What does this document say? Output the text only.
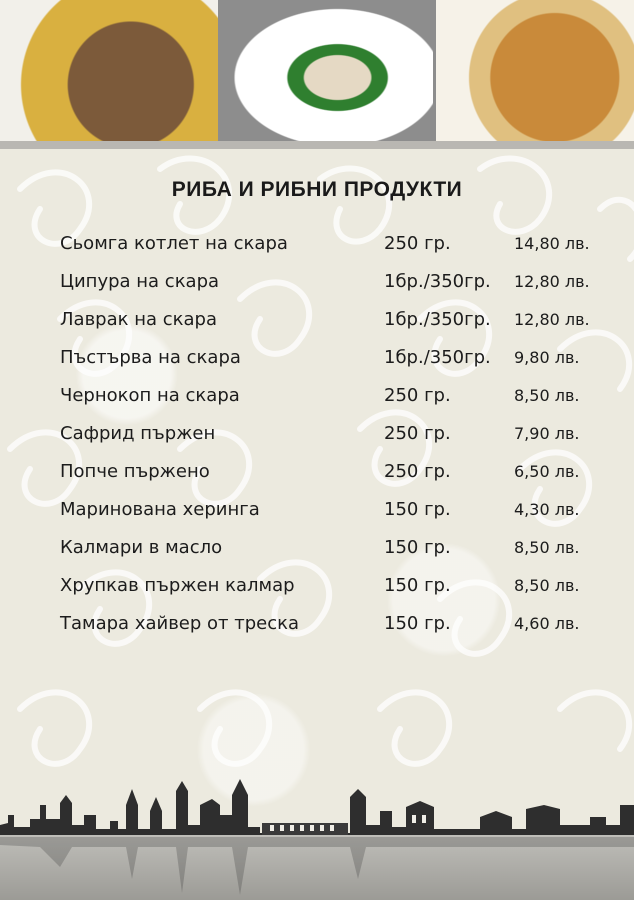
РИБА И РИБНИ ПРОДУКТИ
Сьомга котлет на скара	250 гр.	14,80 лв.
Ципура на скара	1бр./350гр.	12,80 лв.
Лаврак на скара	1бр./350гр.	12,80 лв.
Пъстърва на скара	1бр./350гр.	9,80 лв.
Чернокоп на скара	250 гр.	8,50 лв.
Сафрид пържен	250 гр.	7,90 лв.
Попче пържено	250 гр.	6,50 лв.
Маринована херинга	150 гр.	4,30 лв.
Калмари в масло	150 гр.	8,50 лв.
Хрупкав пържен калмар	150 гр.	8,50 лв.
Тамара хайвер от треска	150 гр.	4,60 лв.
